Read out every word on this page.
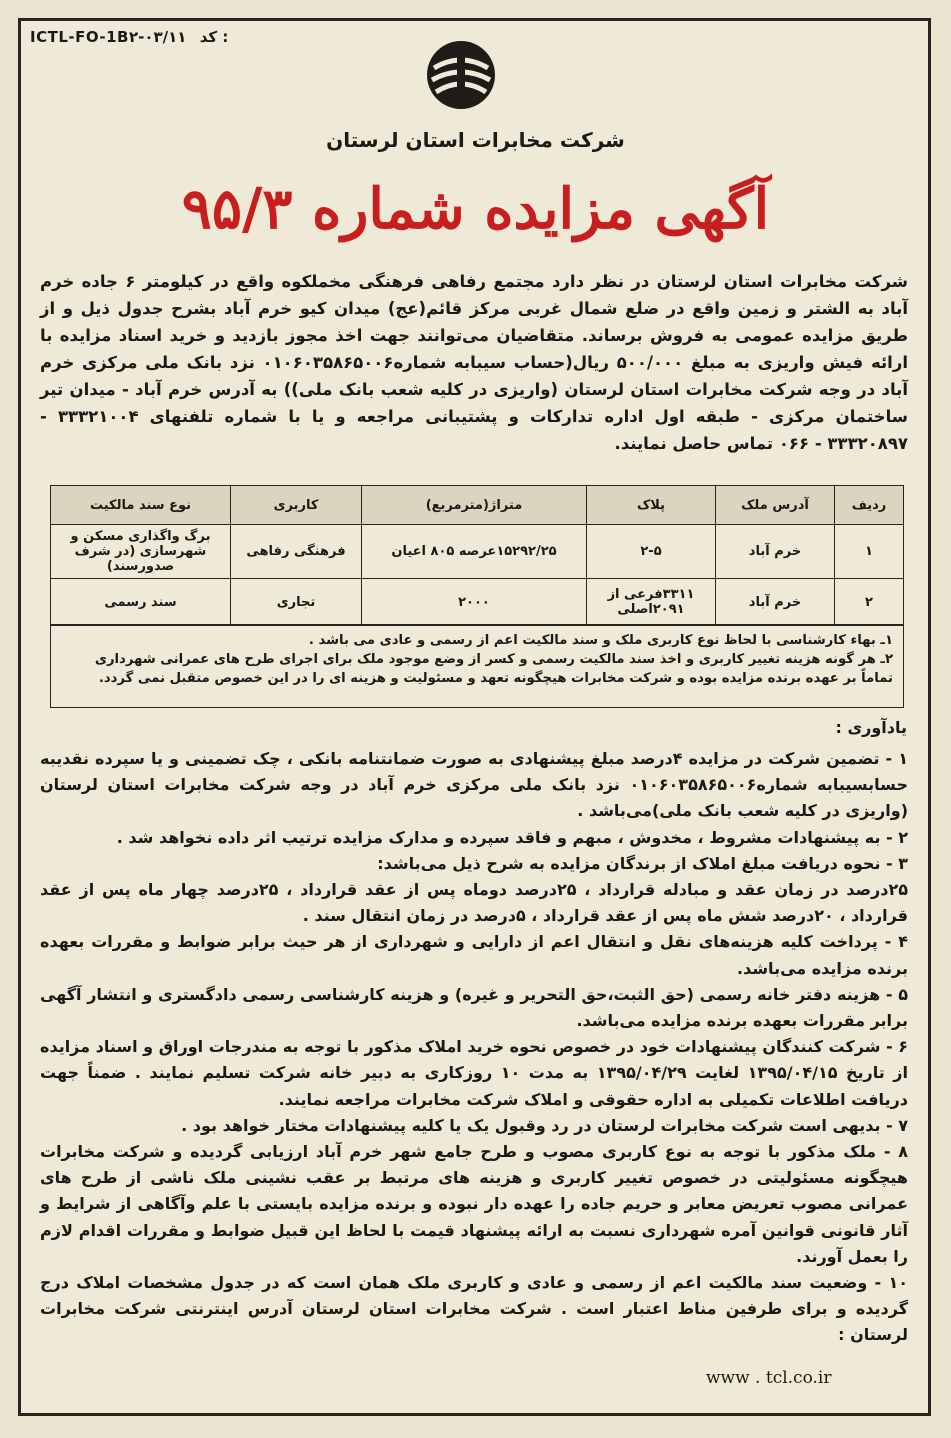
ICTL-FO-1B۲-۰۳/۱۱ کد :
شرکت مخابرات استان لرستان
آگهی مزایده شماره ۹۵/۳
شرکت مخابرات استان لرستان در نظر دارد مجتمع رفاهی فرهنگی مخملکوه واقع در کیلومتر ۶ جاده خرم آباد به الشتر و زمین واقع در ضلع شمال غربی مرکز قائم(عج) میدان کیو خرم آباد بشرح جدول ذیل و از طریق مزایده عمومی به فروش برساند. متقاضیان می‌توانند جهت اخذ مجوز بازدید و خرید اسناد مزایده با ارائه فیش واریزی به مبلغ ۵۰۰/۰۰۰ ریال(حساب سیبابه شماره۰۱۰۶۰۳۵۸۶۵۰۰۶ نزد بانک ملی مرکزی خرم آباد در وجه شرکت مخابرات استان لرستان (واریزی در کلیه شعب بانک ملی)) به آدرس خرم آباد - میدان تیر ساختمان مرکزی - طبقه اول اداره تدارکات و پشتیبانی مراجعه و یا با شماره تلفنهای ۳۳۳۲۱۰۰۴ - ۳۳۳۲۰۸۹۷ - ۰۶۶ تماس حاصل نمایند.
ردیف	آدرس ملک	پلاک	متراژ(مترمربع)	کاربری	نوع سند مالکیت
۱	خرم آباد	۲-۵	۱۵۲۹۲/۲۵عرصه ۸۰۵ اعیان	فرهنگی رفاهی	برگ واگذاری مسکن و شهرسازی (در شرف صدورسند)
۲	خرم آباد	۳۳۱۱فرعی از ۲۰۹۱اصلی	۲۰۰۰	تجاری	سند رسمی
۱ـ بهاء کارشناسی با لحاظ نوع کاربری ملک و سند مالکیت اعم از رسمی و عادی می باشد .
۲ـ هر گونه هزینه تغییر کاربری و اخذ سند مالکیت رسمی و کسر از وضع موجود ملک برای اجرای طرح های عمرانی شهرداری تماماً بر عهده برنده مزایده بوده و شرکت مخابرات هیچگونه تعهد و مسئولیت و هزینه ای را در این خصوص متقبل نمی گردد.
یادآوری :

۱ - تضمین شرکت در مزایده ۴درصد مبلغ پیشنهادی به صورت ضمانتنامه بانکی ، چک تضمینی و یا سپرده نقدیبه حسابسیبابه شماره۰۱۰۶۰۳۵۸۶۵۰۰۶ نزد بانک ملی مرکزی خرم آباد در وجه شرکت مخابرات استان لرستان (واریزی در کلیه شعب بانک ملی)می‌باشد .

۲ - به پیشنهادات مشروط ، مخدوش ، مبهم و فاقد سپرده و مدارک مزایده ترتیب اثر داده نخواهد شد .

۳ - نحوه دریافت مبلغ املاک از برندگان مزایده به شرح ذیل می‌باشد:

۲۵درصد در زمان عقد و مبادله قرارداد ، ۲۵درصد دوماه پس از عقد قرارداد ، ۲۵درصد چهار ماه پس از عقد قرارداد ، ۲۰درصد شش ماه پس از عقد قرارداد ، ۵درصد در زمان انتقال سند .

۴ - پرداخت کلیه هزینه‌های نقل و انتقال اعم از دارایی و شهرداری از هر حیث برابر ضوابط و مقررات بعهده برنده مزایده می‌باشد.

۵ - هزینه دفتر خانه رسمی (حق الثبت،حق التحریر و غیره) و هزینه کارشناسی رسمی دادگستری و انتشار آگهی برابر مقررات بعهده برنده مزایده می‌باشد.

۶ - شرکت کنندگان پیشنهادات خود در خصوص نحوه خرید املاک مذکور با توجه به مندرجات اوراق و اسناد مزایده از تاریخ ۱۳۹۵/۰۴/۱۵ لغایت ۱۳۹۵/۰۴/۲۹ به مدت ۱۰ روزکاری به دبیر خانه شرکت تسلیم نمایند . ضمناً جهت دریافت اطلاعات تکمیلی به اداره حقوقی و املاک شرکت مخابرات مراجعه نمایند.

۷ - بدیهی است شرکت مخابرات لرستان در رد وقبول یک یا کلیه پیشنهادات مختار خواهد بود .

۸ - ملک مذکور با توجه به نوع کاربری مصوب و طرح جامع شهر خرم آباد ارزیابی گردیده و شرکت مخابرات هیچگونه مسئولیتی در خصوص تغییر کاربری و هزینه های مرتبط بر عقب نشینی ملک ناشی از طرح های عمرانی مصوب تعریض معابر و حریم جاده را عهده دار نبوده و برنده مزایده بایستی با علم وآگاهی از شرایط و آثار قانونی قوانین آمره شهرداری نسبت به ارائه پیشنهاد قیمت با لحاظ این قبیل ضوابط و مقررات اقدام لازم را بعمل آورند.

۱۰ - وضعیت سند مالکیت اعم از رسمی و عادی و کاربری ملک همان است که در جدول مشخصات املاک درج گردیده و برای طرفین مناط اعتبار است . شرکت مخابرات استان لرستان آدرس اینترنتی شرکت مخابرات لرستان :

www . tcl.co.ir
